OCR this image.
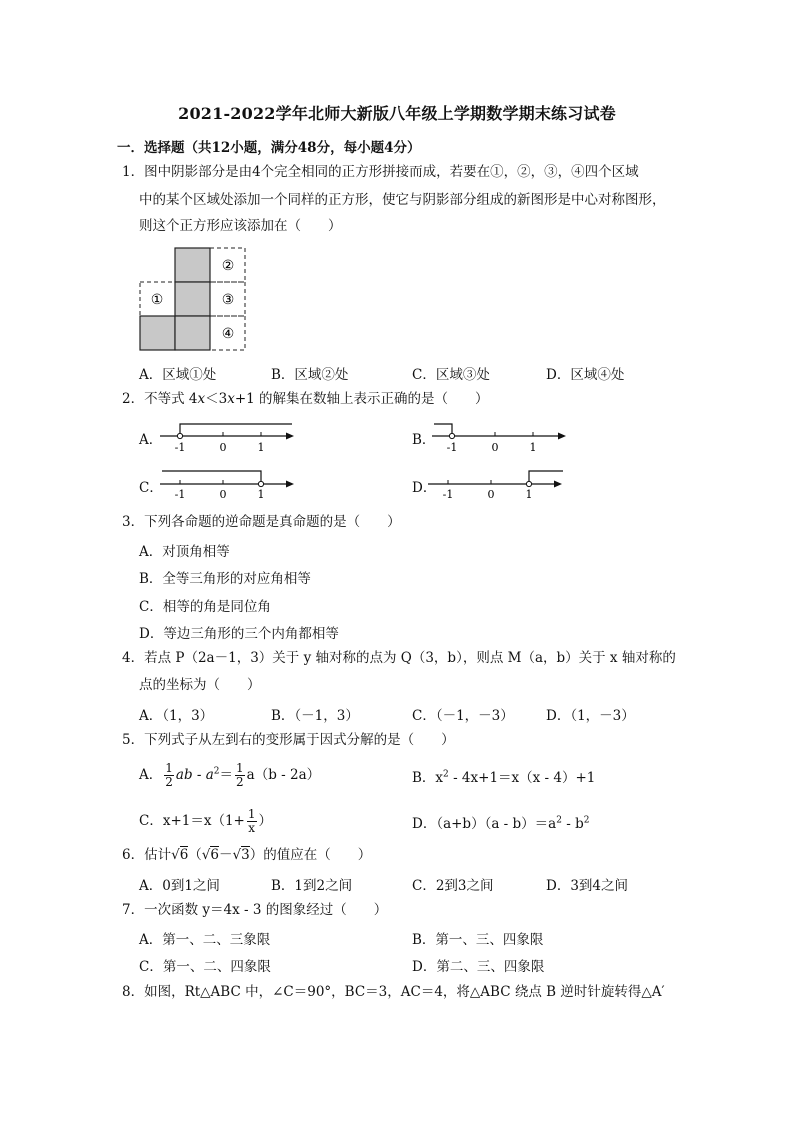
2021-2022学年北师大新版八年级上学期数学期末练习试卷
一．选择题（共12小题，满分48分，每小题4分）
1．图中阴影部分是由4个完全相同的正方形拼接而成，若要在①，②，③，④四个区域
中的某个区域处添加一个同样的正方形，使它与阴影部分组成的新图形是中心对称图形，
则这个正方形应该添加在（　　）
①
②
③
④
A．区域①处	B．区域②处	C．区域③处	D．区域④处
2．不等式 4x＜3x+1 的解集在数轴上表示正确的是（　　）
A． -1	0	1	B． -1	0	1
C． -1	0	1	D． -1	0	1
3．下列各命题的逆命题是真命题的是（　　）
A．对顶角相等
B．全等三角形的对应角相等
C．相等的角是同位角
D．等边三角形的三个内角都相等
4．若点 P（2a－1，3）关于 y 轴对称的点为 Q（3，b），则点 M（a，b）关于 x 轴对称的
点的坐标为（　　）
A．（1，3）	B．（－1，3）	C．（－1，－3） D．（1，－3）
5．下列式子从左到右的变形属于因式分解的是（　　）
A． $\frac{1}{2}$ ab - $a^2= \frac{1}{2} a(b - 2a)$	B．$x^2 - 4x+1=x(x - 4)+1$
C．$x+1=x(1+ \frac{1}{x}$ ）	D．$(a+b)(a - b)=a^2 - b^2$
6．估计√6（√6－√3）的值应在（　　）
A．0到1之间	B．1到2之间	C．2到3之间	D．3到4之间
7．一次函数 y＝4x - 3 的图象经过（　　）
A．第一、二、三象限	B．第一、三、四象限
C．第一、二、四象限	D．第二、三、四象限
8．如图，Rt△ABC 中，∠C＝90°，BC＝3，AC＝4，将△ABC 绕点 B 逆时针旋转得△A′
